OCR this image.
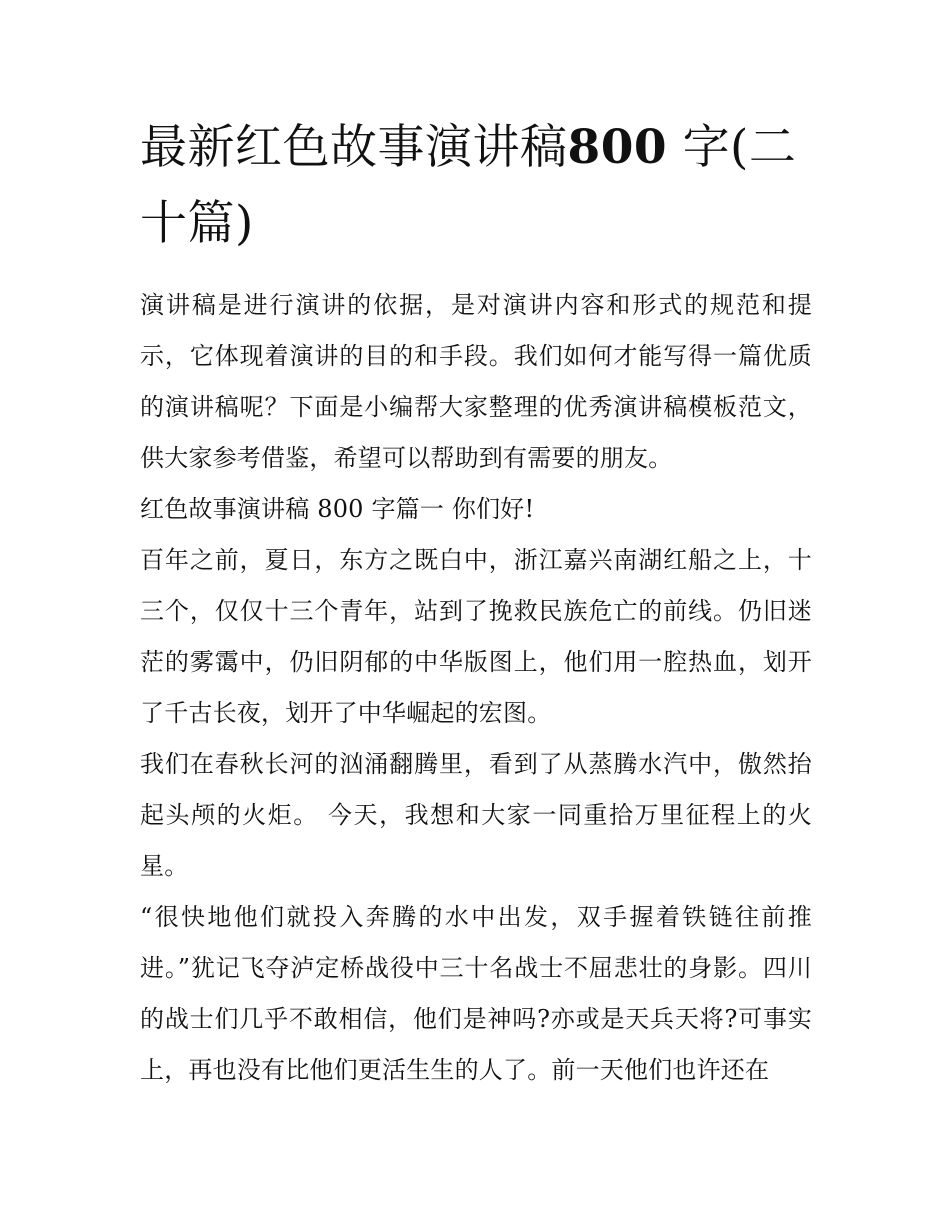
最新红色故事演讲稿800 字(二十篇)

演讲稿是进行演讲的依据，是对演讲内容和形式的规范和提示，它体现着演讲的目的和手段。我们如何才能写得一篇优质的演讲稿呢？下面是小编帮大家整理的优秀演讲稿模板范文，供大家参考借鉴，希望可以帮助到有需要的朋友。

红色故事演讲稿 800 字篇一 你们好!

百年之前，夏日，东方之既白中，浙江嘉兴南湖红船之上，十三个，仅仅十三个青年，站到了挽救民族危亡的前线。仍旧迷茫的雾霭中，仍旧阴郁的中华版图上，他们用一腔热血，划开了千古长夜，划开了中华崛起的宏图。

我们在春秋长河的汹涌翻腾里，看到了从蒸腾水汽中，傲然抬起头颅的火炬。 今天，我想和大家一同重拾万里征程上的火星。

“很快地他们就投入奔腾的水中出发，双手握着铁链往前推进。”犹记飞夺泸定桥战役中三十名战士不屈悲壮的身影。四川的战士们几乎不敢相信，他们是神吗?亦或是天兵天将?可事实上，再也没有比他们更活生生的人了。前一天他们也许还在
